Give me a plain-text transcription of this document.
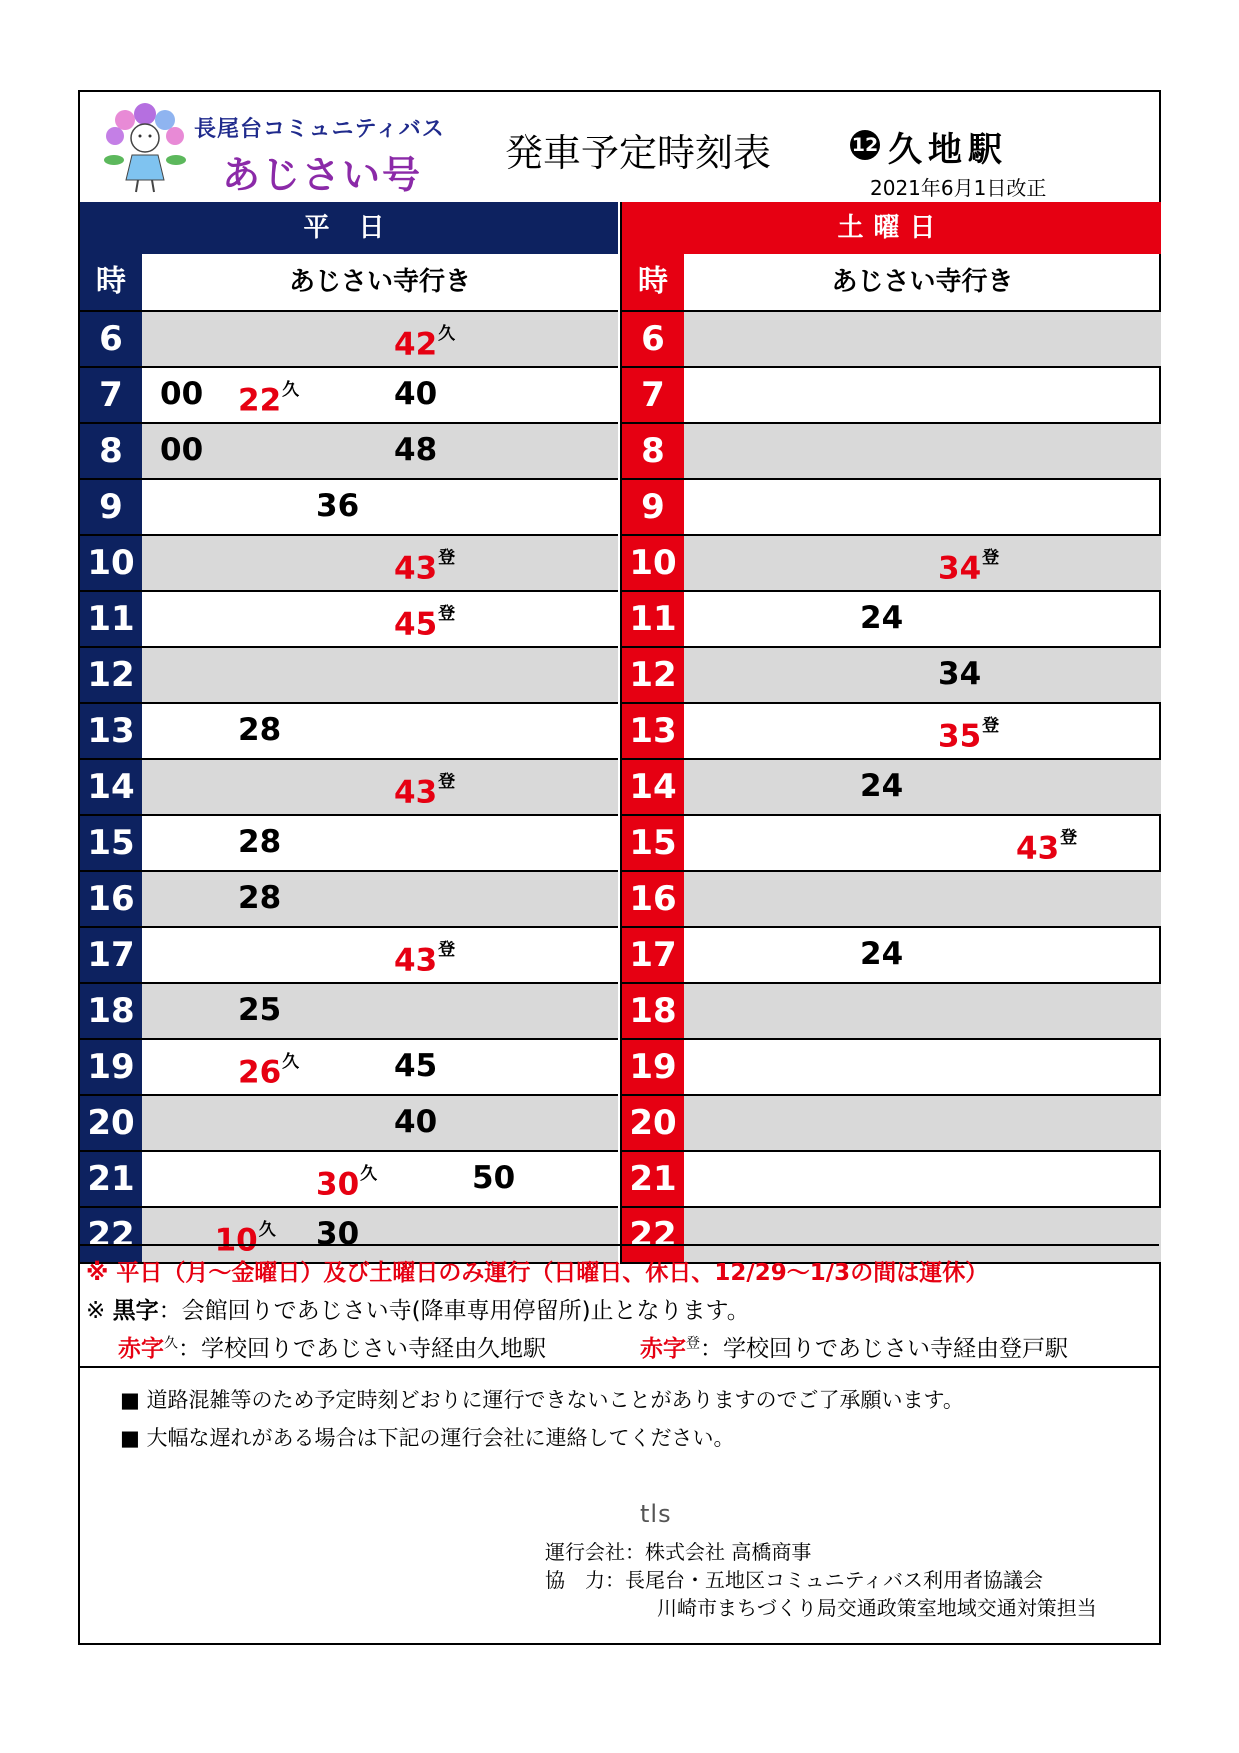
長尾台コミュニティバス
あじさい号 発車予定時刻表	12 久地駅
2021年6月1日改正
平 日
時	あじさい寺行き
6	$42^久$
7	00 $22^久$	40
8	00	48
9	36
10	$43^登$
11	$45^登$
12
13	28
14	$43^登$
15	28
16	28
17	$43^登$
18	25
19	$26^久$	45
20	40
21	$30^久$	50
22	$10^久$ 30
土曜日
時	あじさい寺行き
6
7
8
9
10	$34^登$
11	24
12	34
13	$35^登$
14	24
15	$43^登$
16
17	24
18
19
20
21
22
※ 平日（月～金曜日）及び土曜日のみ運行（日曜日、休日、12/29～1/3の間は運休）
※ 黒字：会館回りであじさい寺(降車専用停留所)止となります。
赤字$^久$：学校回りであじさい寺経由久地駅	赤字$^登$：学校回りであじさい寺経由登戸駅
■ 道路混雑等のため予定時刻どおりに運行できないことがありますのでご了承願います。
■ 大幅な遅れがある場合は下記の運行会社に連絡してください。
tls
運行会社：株式会社 高橋商事
協　力：長尾台・五地区コミュニティバス利用者協議会
川崎市まちづくり局交通政策室地域交通対策担当
